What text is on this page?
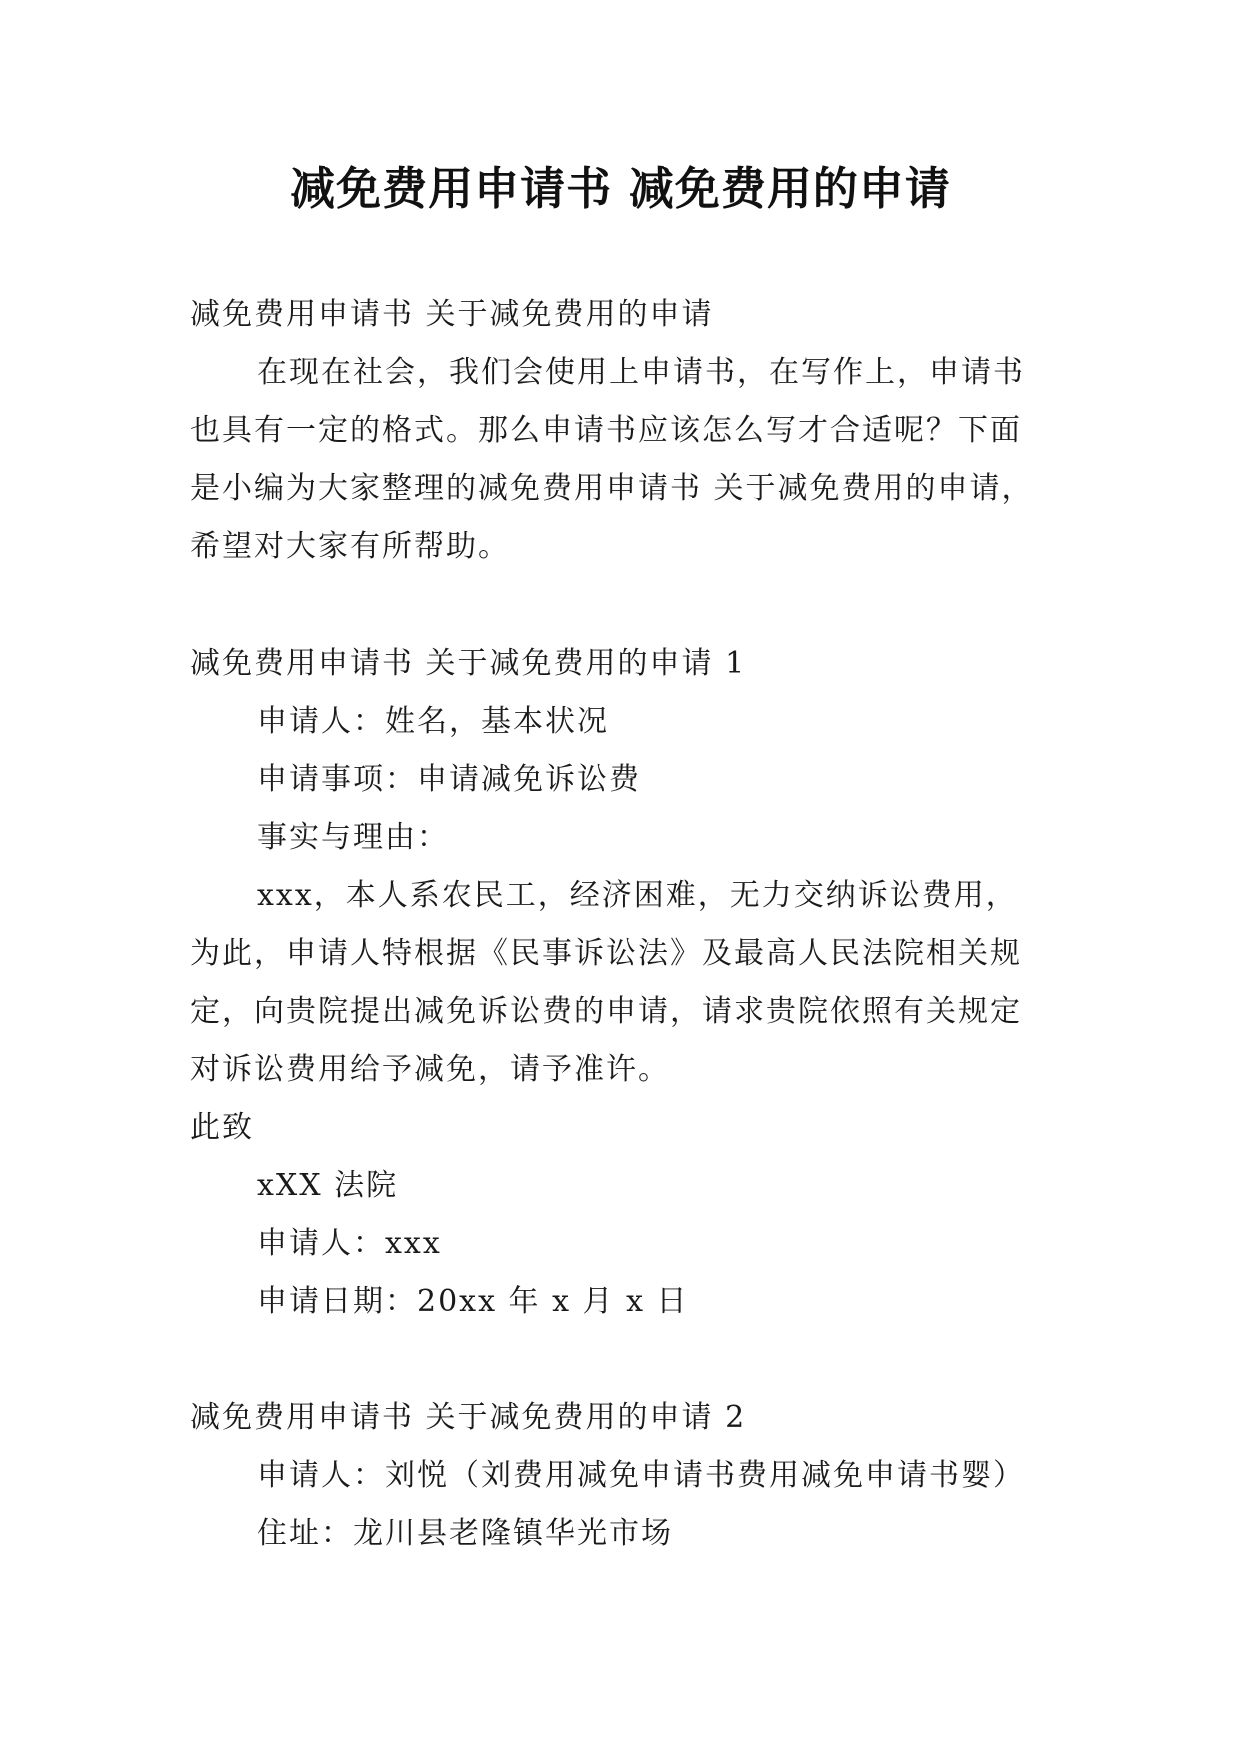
减免费用申请书 减免费用的申请
减免费用申请书 关于减免费用的申请
在现在社会，我们会使用上申请书，在写作上，申请书
也具有一定的格式。那么申请书应该怎么写才合适呢？下面
是小编为大家整理的减免费用申请书 关于减免费用的申请，
希望对大家有所帮助。
减免费用申请书 关于减免费用的申请 1
申请人：姓名，基本状况
申请事项：申请减免诉讼费
事实与理由：
xxx，本人系农民工，经济困难，无力交纳诉讼费用，
为此，申请人特根据《民事诉讼法》及最高人民法院相关规
定，向贵院提出减免诉讼费的申请，请求贵院依照有关规定
对诉讼费用给予减免，请予准许。
此致
xXX 法院
申请人：xxx
申请日期：20xx 年 x 月 x 日
减免费用申请书 关于减免费用的申请 2
申请人：刘悦（刘费用减免申请书费用减免申请书婴）
住址：龙川县老隆镇华光市场
